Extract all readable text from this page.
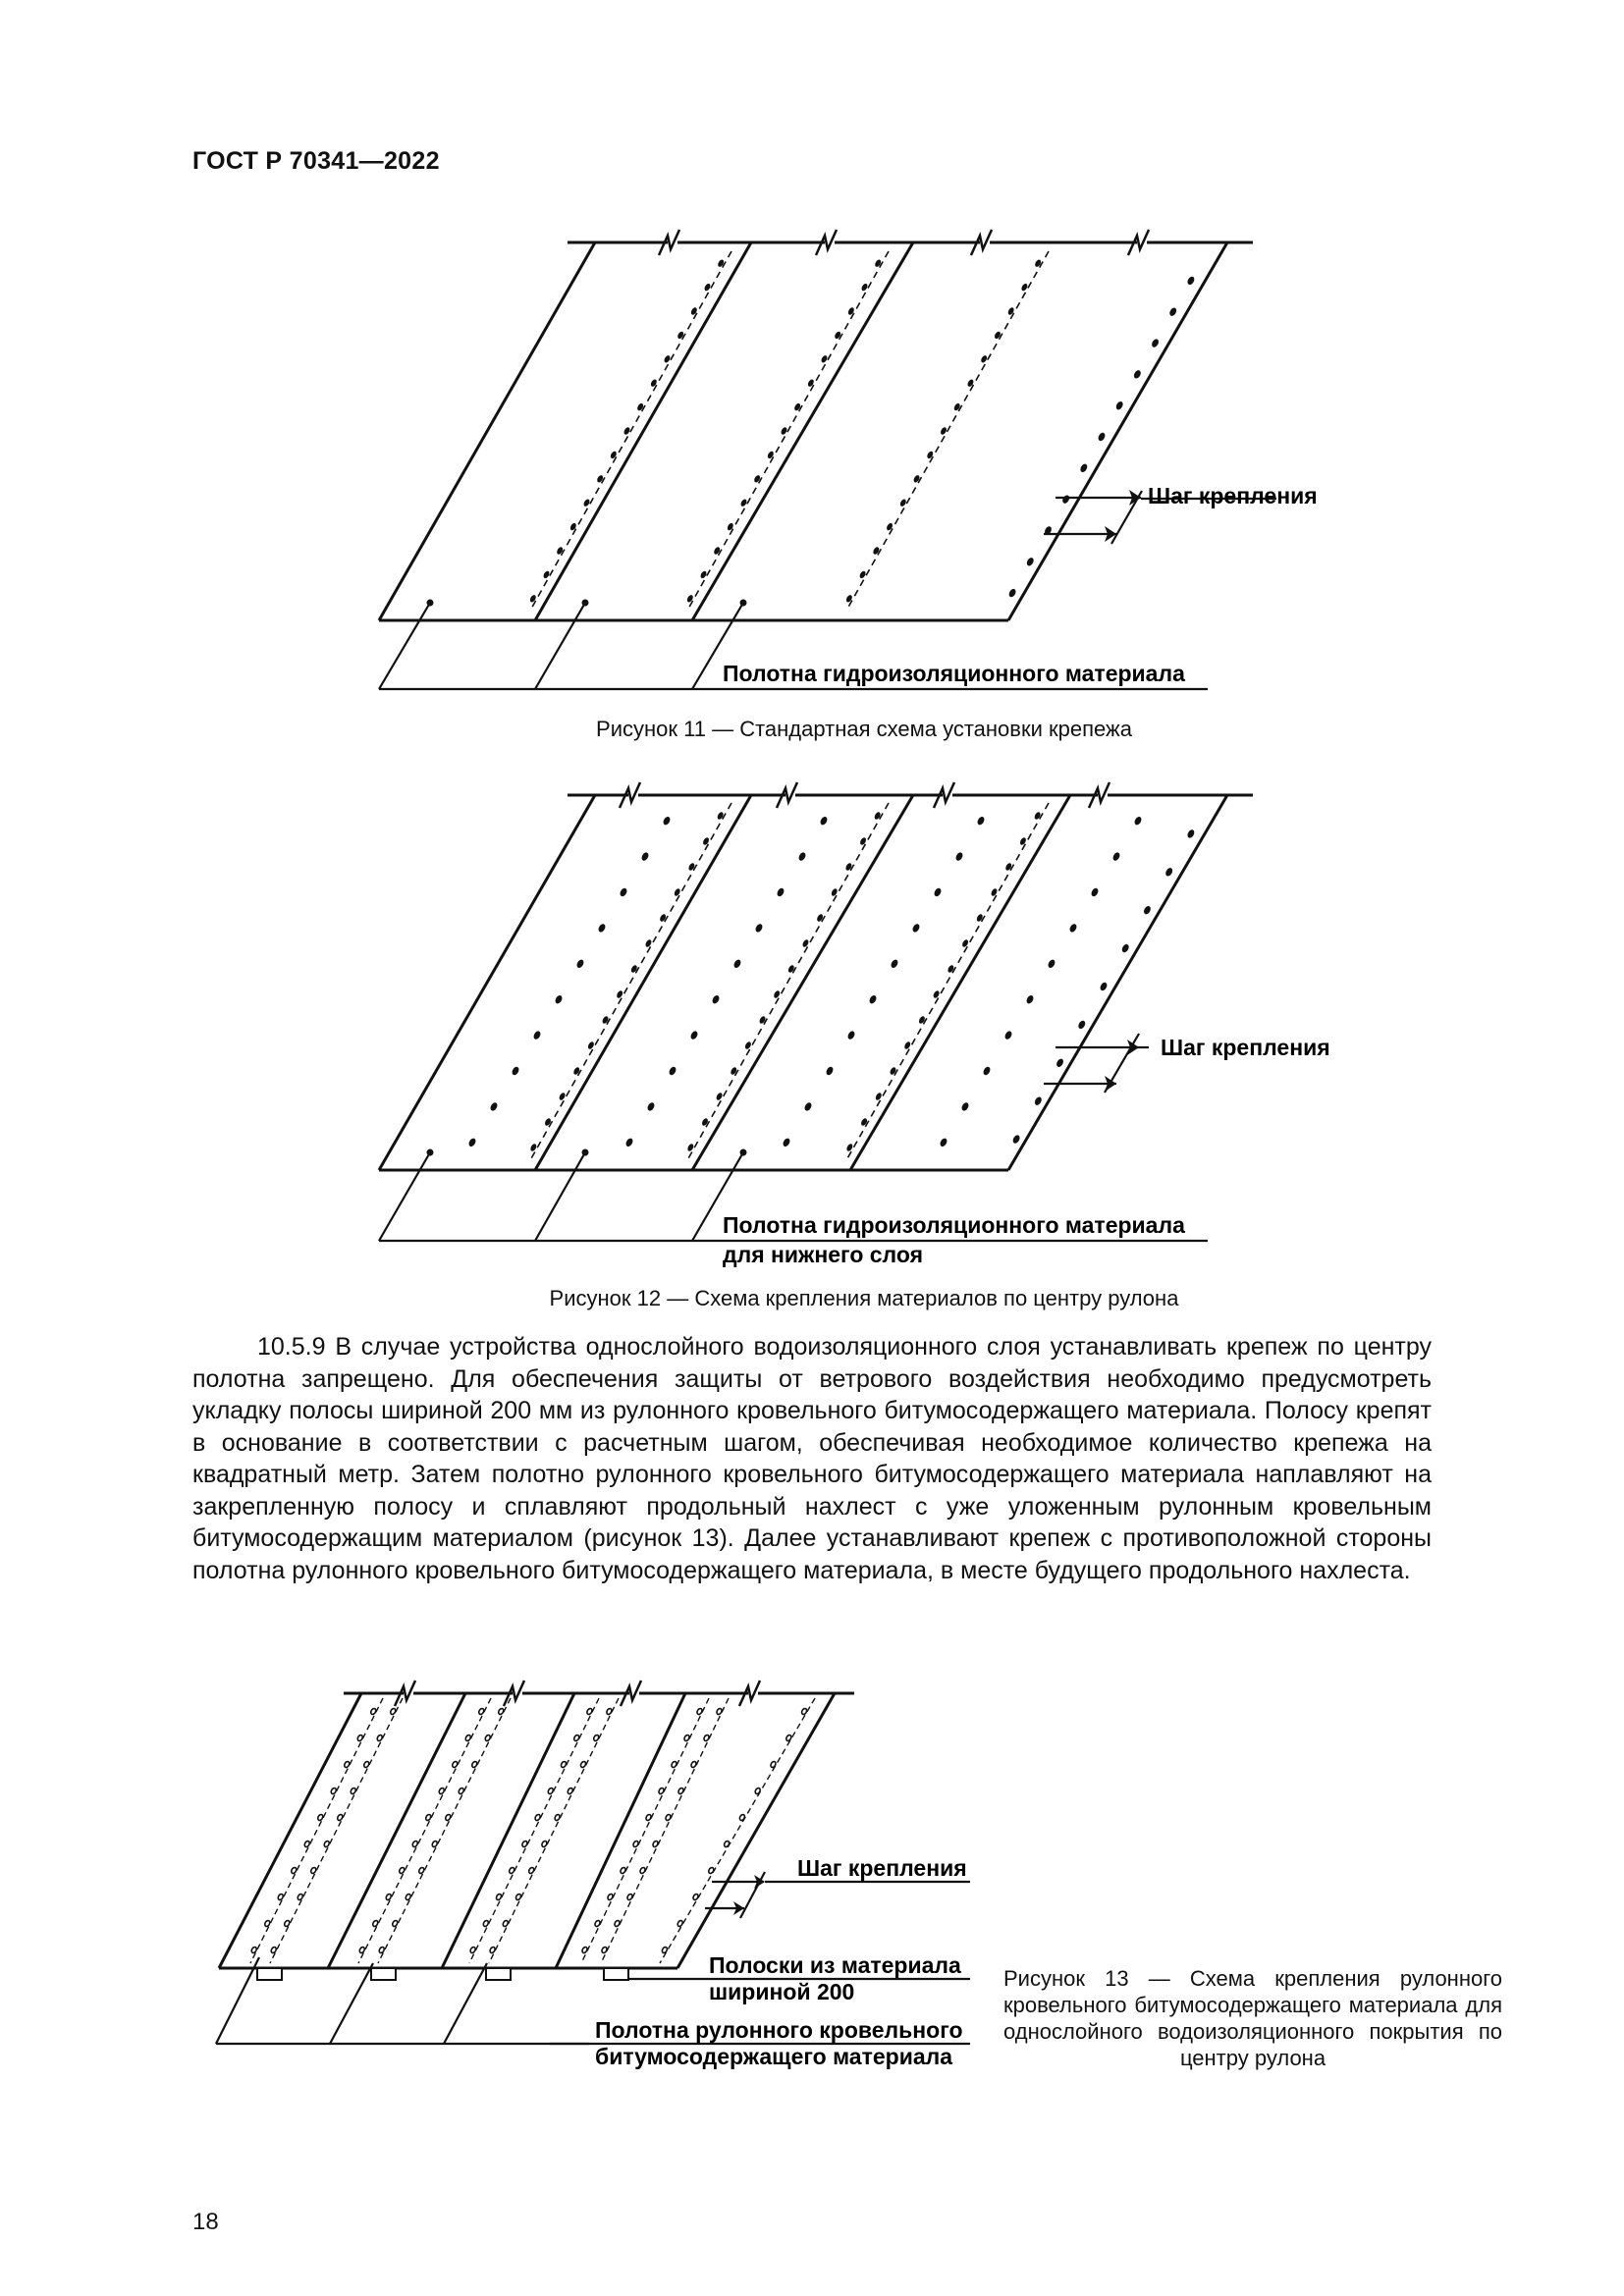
ГОСТ Р 70341—2022
Шаг крепления
Полотна гидроизоляционного материала
Рисунок 11 — Стандартная схема установки крепежа
Шаг крепления
Полотна гидроизоляционного материала
для нижнего слоя
Рисунок 12 — Схема крепления материалов по центру рулона

10.5.9 В случае устройства однослойного водоизоляционного слоя устанавливать крепеж по центру полотна запрещено. Для обеспечения защиты от ветрового воздействия необходимо предусмотреть укладку полосы шириной 200 мм из рулонного кровельного битумосодержащего материала. Полосу крепят в основание в соответствии с расчетным шагом, обеспечивая необходимое количество крепежа на квадратный метр. Затем полотно рулонного кровельного битумосодержащего материала наплавляют на закрепленную полосу и сплавляют продольный нахлест с уже уложенным рулонным кровельным битумосодержащим материалом (рисунок 13). Далее устанавливают крепеж с противоположной стороны полотна рулонного кровельного битумосодержащего материала, в месте будущего продольного нахлеста.

Шаг крепления
Полоски из материала
шириной 200
Полотна рулонного кровельного
битумосодержащего материала
Рисунок 13 — Схема крепления рулонного кровельного битумосодержащего материала для однослойного водоизоляционного покрытия по центру рулона
18
